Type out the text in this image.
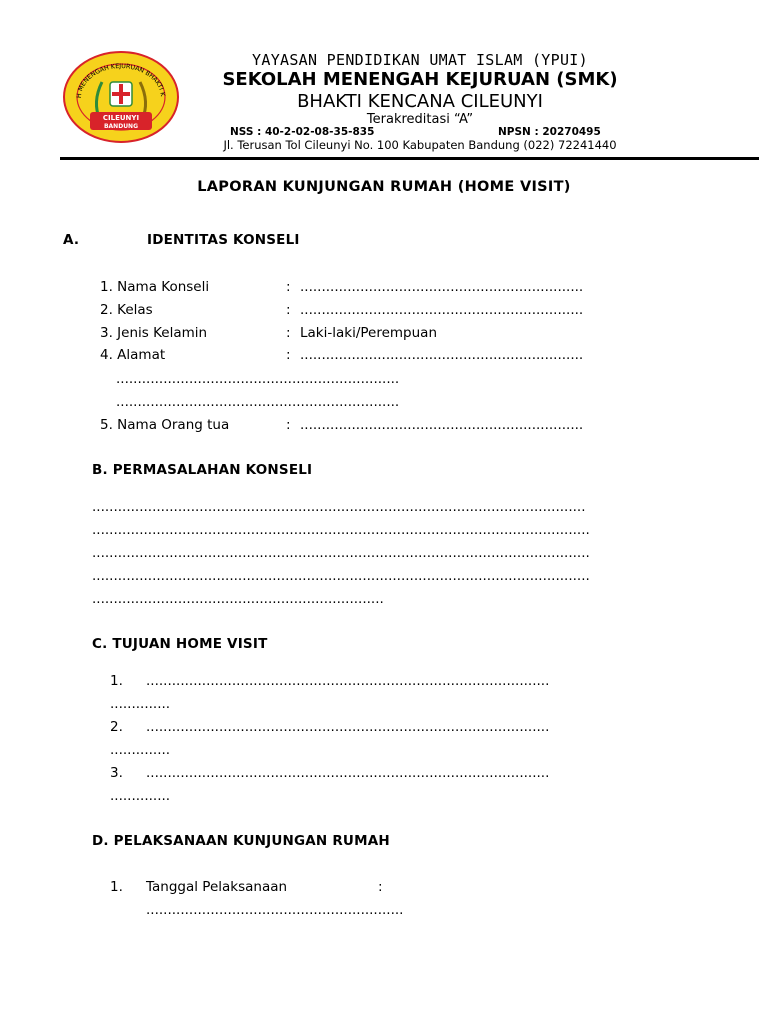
H MENENGAH KEJURUAN BHAKTI K
CILEUNYI
BANDUNG
YAYASAN PENDIDIKAN UMAT ISLAM (YPUI)
SEKOLAH MENENGAH KEJURUAN (SMK)
BHAKTI KENCANA CILEUNYI
Terakreditasi “A”
NSS : 40-2-02-08-35-835	NPSN : 20270495
Jl. Terusan Tol Cileunyi No. 100 Kabupaten Bandung (022) 72241440
LAPORAN KUNJUNGAN RUMAH (HOME VISIT)
A.	IDENTITAS KONSELI
1. Nama Konseli	: ..................................................................
2. Kelas	: ..................................................................
3. Jenis Kelamin	: Laki-laki/Perempuan
4. Alamat	: ..................................................................
..................................................................
..................................................................
5. Nama Orang tua	: ..................................................................
B. PERMASALAHAN KONSELI
...................................................................................................................
....................................................................................................................
....................................................................................................................
....................................................................................................................
....................................................................
C. TUJUAN HOME VISIT
1. ..............................................................................................
..............
2. ..............................................................................................
..............
3. ..............................................................................................
..............
D. PELAKSANAAN KUNJUNGAN RUMAH
1. Tanggal Pelaksanaan	:
............................................................
